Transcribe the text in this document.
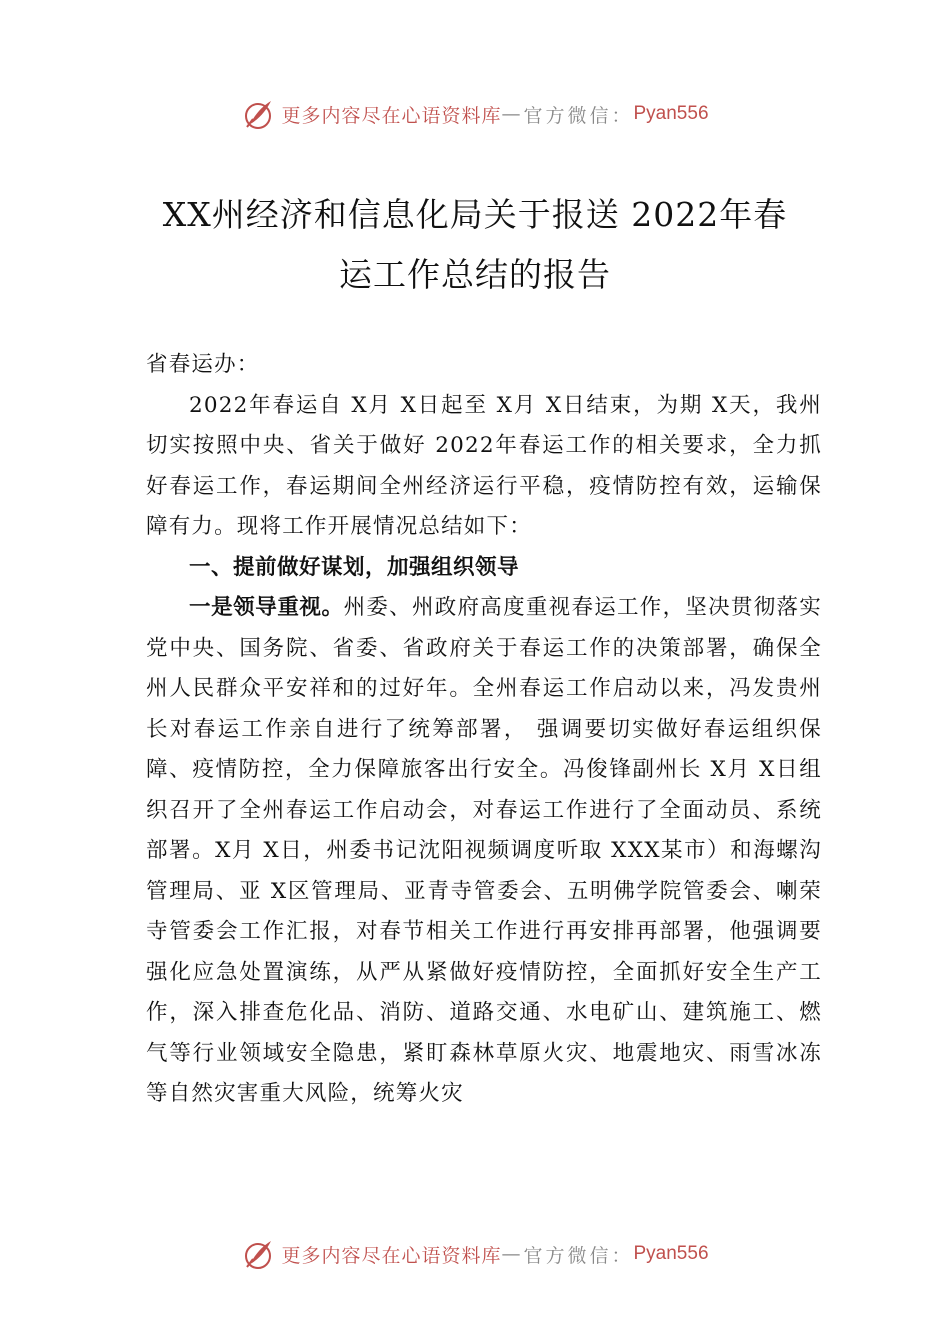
更多内容尽在心语资料库 — 官方微信： Pyan556
XX州经济和信息化局关于报送 2022年春
运工作总结的报告

省春运办：

2022年春运自 X月 X日起至 X月 X日结束，为期 X天，我州切实按照中央、省关于做好 2022年春运工作的相关要求，全力抓好春运工作，春运期间全州经济运行平稳，疫情防控有效，运输保障有力。现将工作开展情况总结如下：

一、提前做好谋划，加强组织领导

一是领导重视。州委、州政府高度重视春运工作，坚决贯彻落实党中央、国务院、省委、省政府关于春运工作的决策部署，确保全州人民群众平安祥和的过好年。全州春运工作启动以来，冯发贵州长对春运工作亲自进行了统筹部署， 强调要切实做好春运组织保障、疫情防控，全力保障旅客出行安全。冯俊锋副州长 X月 X日组织召开了全州春运工作启动会，对春运工作进行了全面动员、系统部署。X月 X日，州委书记沈阳视频调度听取 XXX某市）和海螺沟管理局、亚 X区管理局、亚青寺管委会、五明佛学院管委会、喇荣寺管委会工作汇报，对春节相关工作进行再安排再部署，他强调要强化应急处置演练，从严从紧做好疫情防控，全面抓好安全生产工作，深入排查危化品、消防、道路交通、水电矿山、建筑施工、燃气等行业领域安全隐患，紧盯森林草原火灾、地震地灾、雨雪冰冻等自然灾害重大风险，统筹火灾

更多内容尽在心语资料库 — 官方微信： Pyan556
